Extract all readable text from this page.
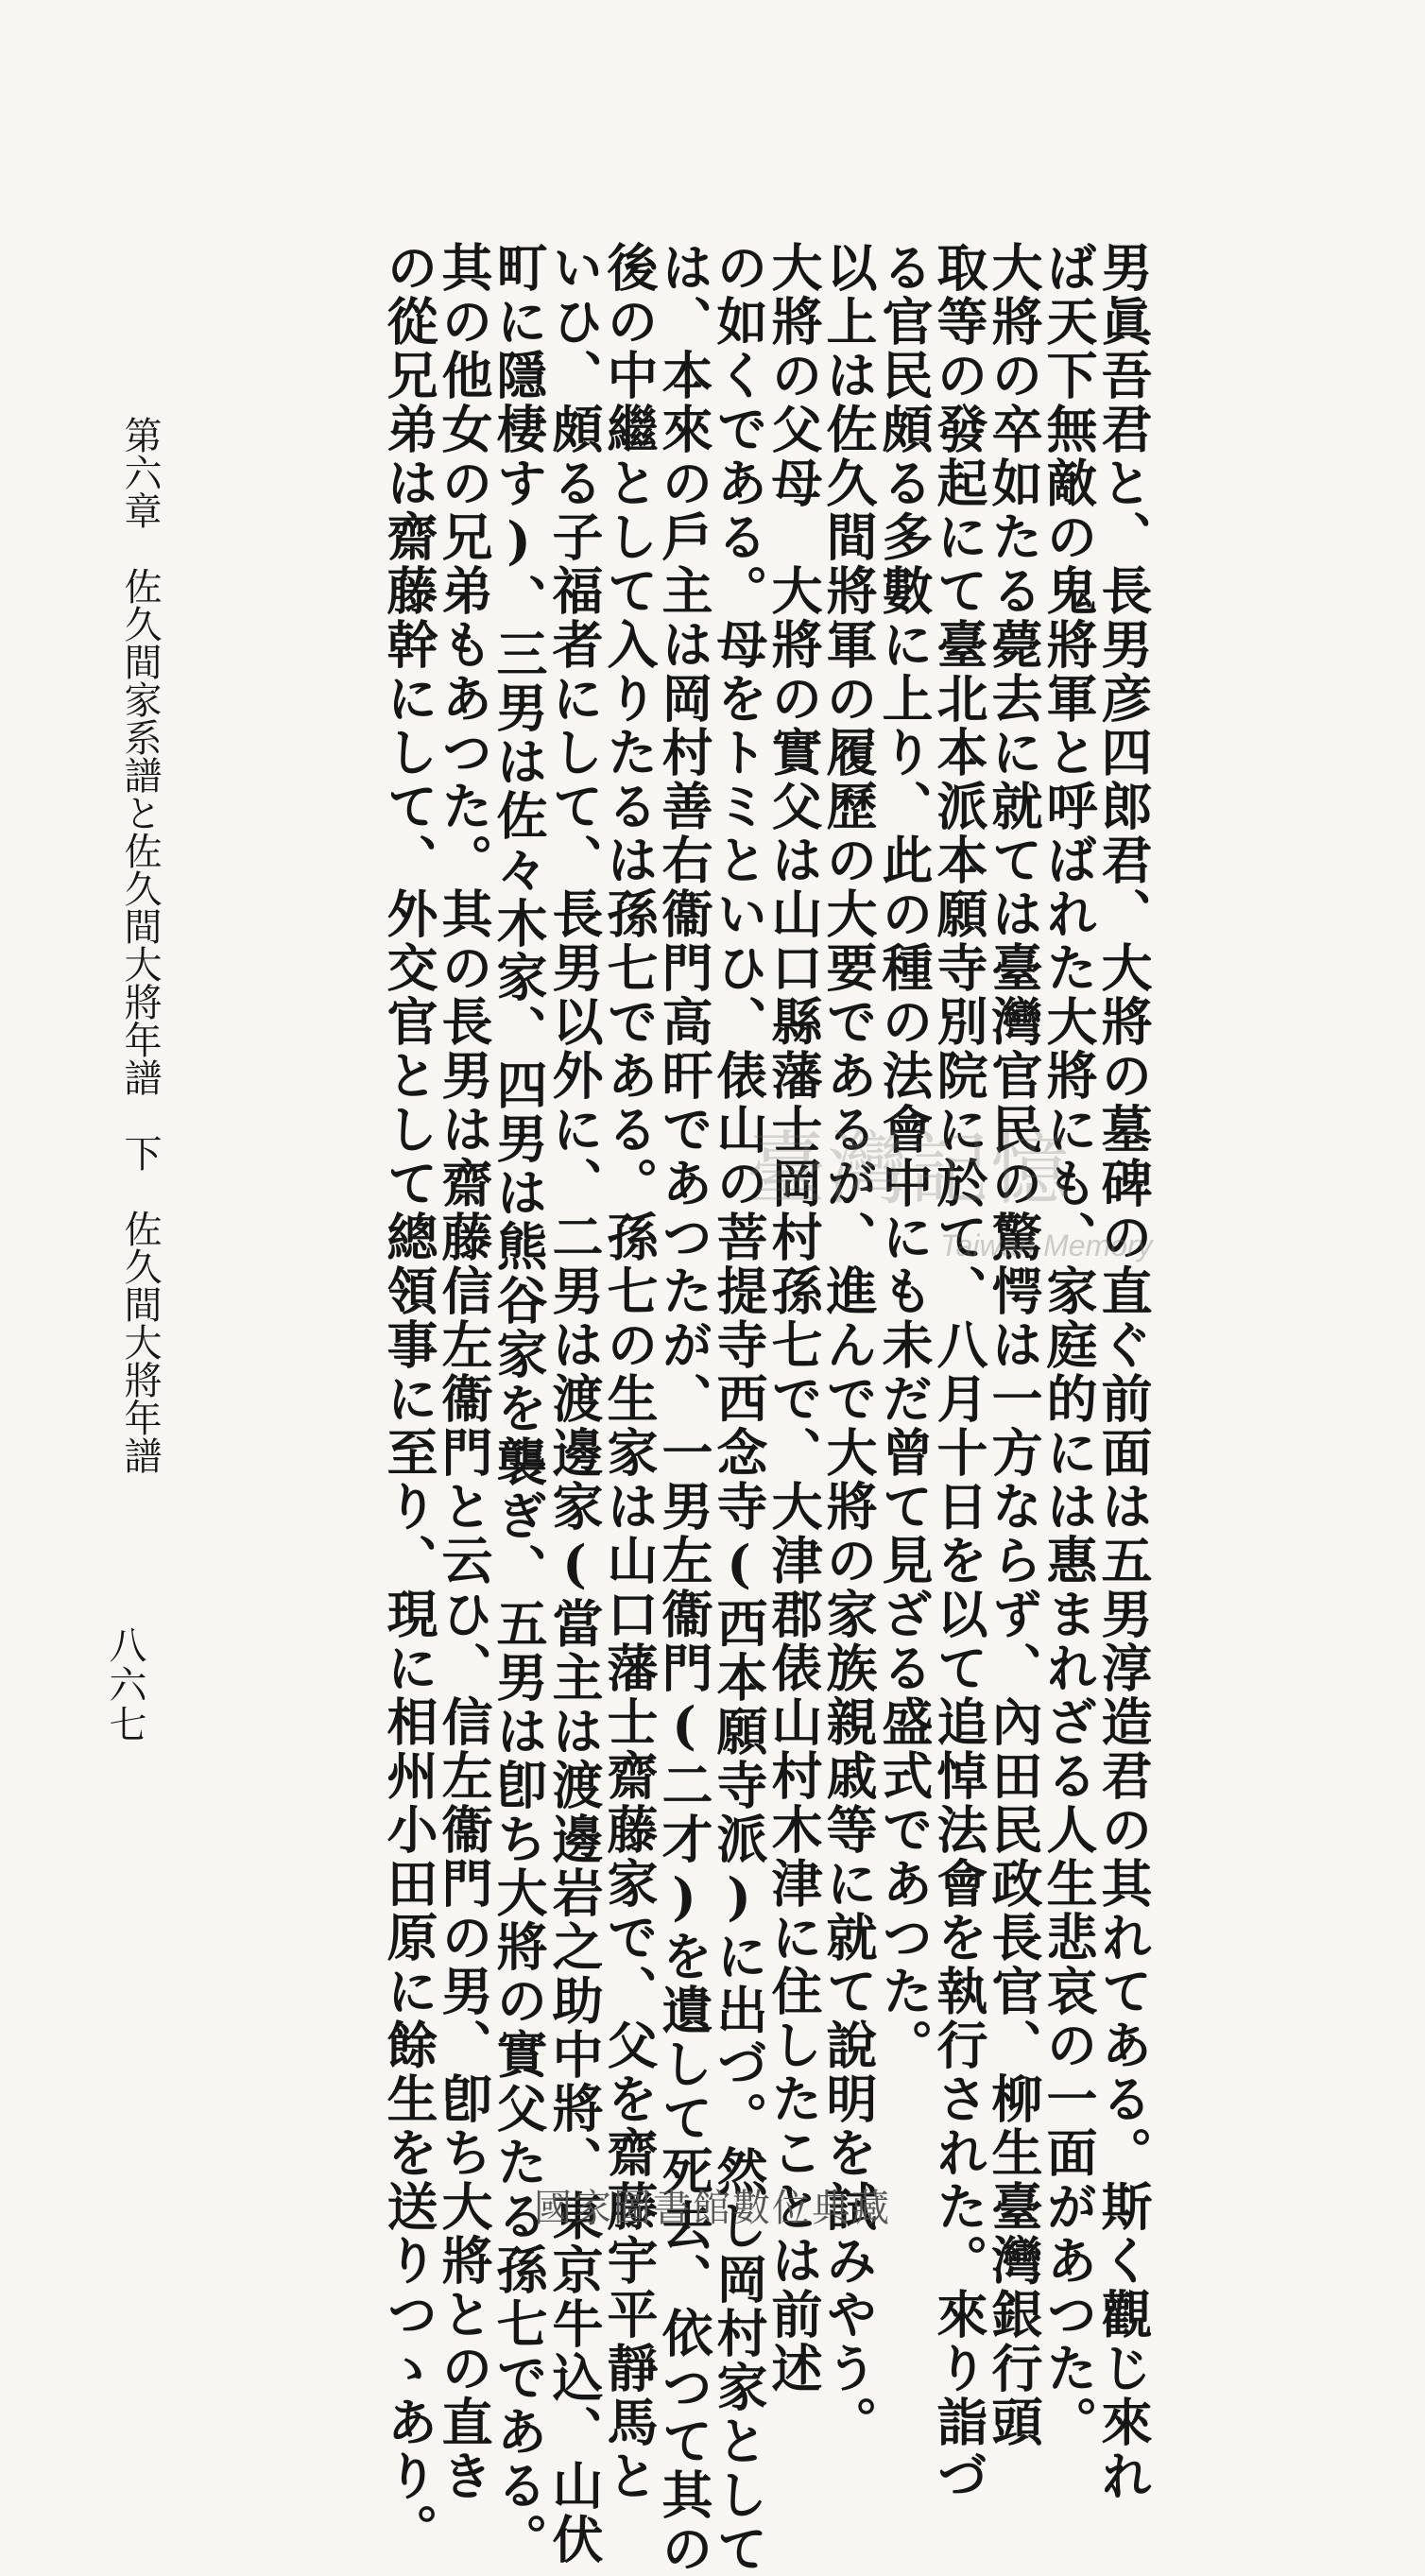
男眞吾君と、長男彦四郎君、大將の墓碑の直ぐ前面は五男淳造君の其れてある。斯く觀じ來れ
ば天下無敵の鬼將軍と呼ばれた大將にも、家庭的には惠まれざる人生悲哀の一面があつた。
大將の卒如たる薨去に就ては臺灣官民の驚愕は一方ならず、內田民政長官、柳生臺灣銀行頭
取等の發起にて臺北本派本願寺別院に於て、八月十日を以て追悼法會を執行された。來り詣づ
る官民頗る多數に上り、此の種の法會中にも未だ曾て見ざる盛式であつた。
以上は佐久間將軍の履歷の大要であるが、進んで大將の家族親戚等に就て說明を試みやう。
大將の父母　大將の實父は山口縣藩士岡村孫七で、大津郡俵山村木津に住したことは前述
の如くである。母をトミといひ、俵山の菩提寺西念寺(西本願寺派)に出づ。然し岡村家として
は、本來の戶主は岡村善右衞門高旰であつたが、一男左衞門(二才)を遺して死去、依つて其の
後の中繼として入りたるは孫七である。孫七の生家は山口藩士齋藤家で、父を齋藤宇平靜馬と
いひ、頗る子福者にして、長男以外に、二男は渡邊家(當主は渡邊岩之助中將、東京牛込、山伏
町に隱棲す)、三男は佐々木家、四男は熊谷家を襲ぎ、五男は卽ち大將の實父たる孫七である。
其の他女の兄弟もあつた。其の長男は齋藤信左衞門と云ひ、信左衞門の男、卽ち大將との直き
の從兄弟は齋藤幹にして、外交官として總領事に至り、現に相州小田原に餘生を送りつゝあり。
第六章　佐久間家系譜と佐久間大將年譜　下　佐久間大將年譜
八六七
臺灣記憶
Taiwan Memory
國家圖書館數位典藏
